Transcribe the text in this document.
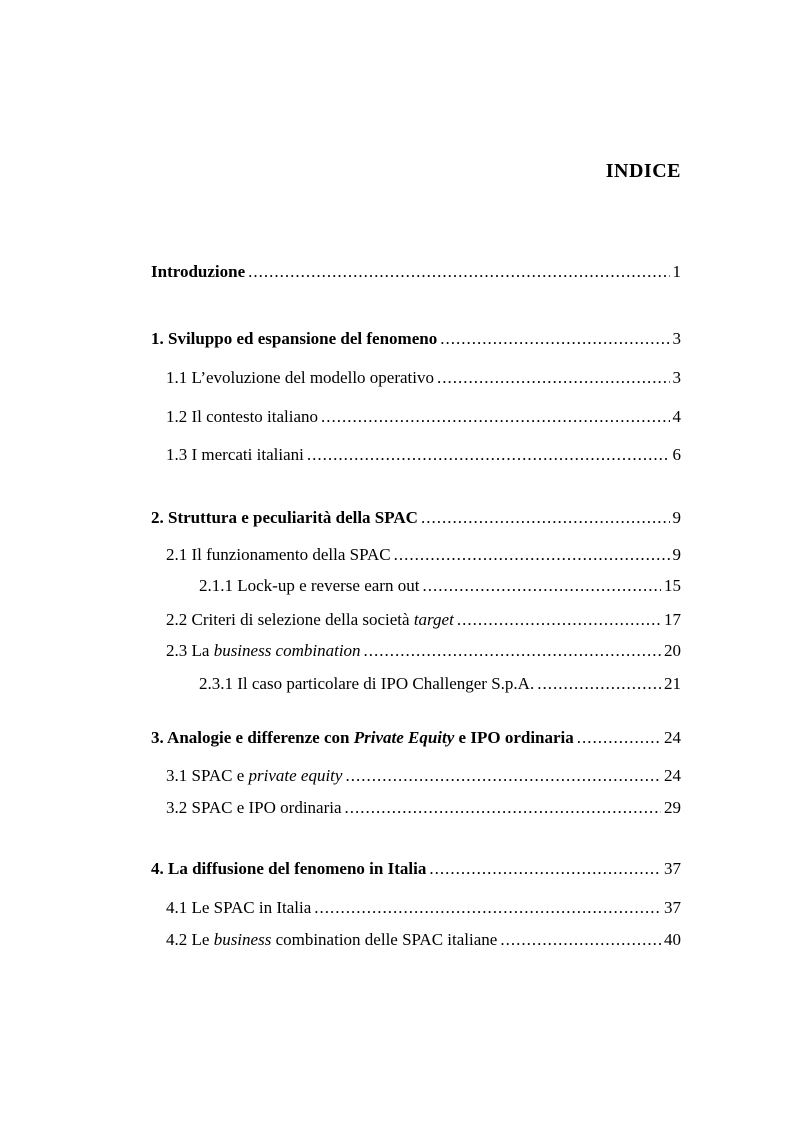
INDICE
Introduzione .....	1
1. Sviluppo ed espansione del fenomeno .....	3
1.1 L’evoluzione del modello operativo .....	3
1.2 Il contesto italiano .....	4
1.3 I mercati italiani .....	6
2. Struttura e peculiarità della SPAC .....	9
2.1 Il funzionamento della SPAC .....	9
2.1.1 Lock-up e reverse earn out .....	15
2.2 Criteri di selezione della società target .....	17
2.3 La business combination .....	20
2.3.1 Il caso particolare di IPO Challenger S.p.A. .....	21
3. Analogie e differenze con Private Equity e IPO ordinaria .....	24
3.1 SPAC e private equity .....	24
3.2 SPAC e IPO ordinaria .....	29
4. La diffusione del fenomeno in Italia .....	37
4.1 Le SPAC in Italia .....	37
4.2 Le business combination delle SPAC italiane .....	40
